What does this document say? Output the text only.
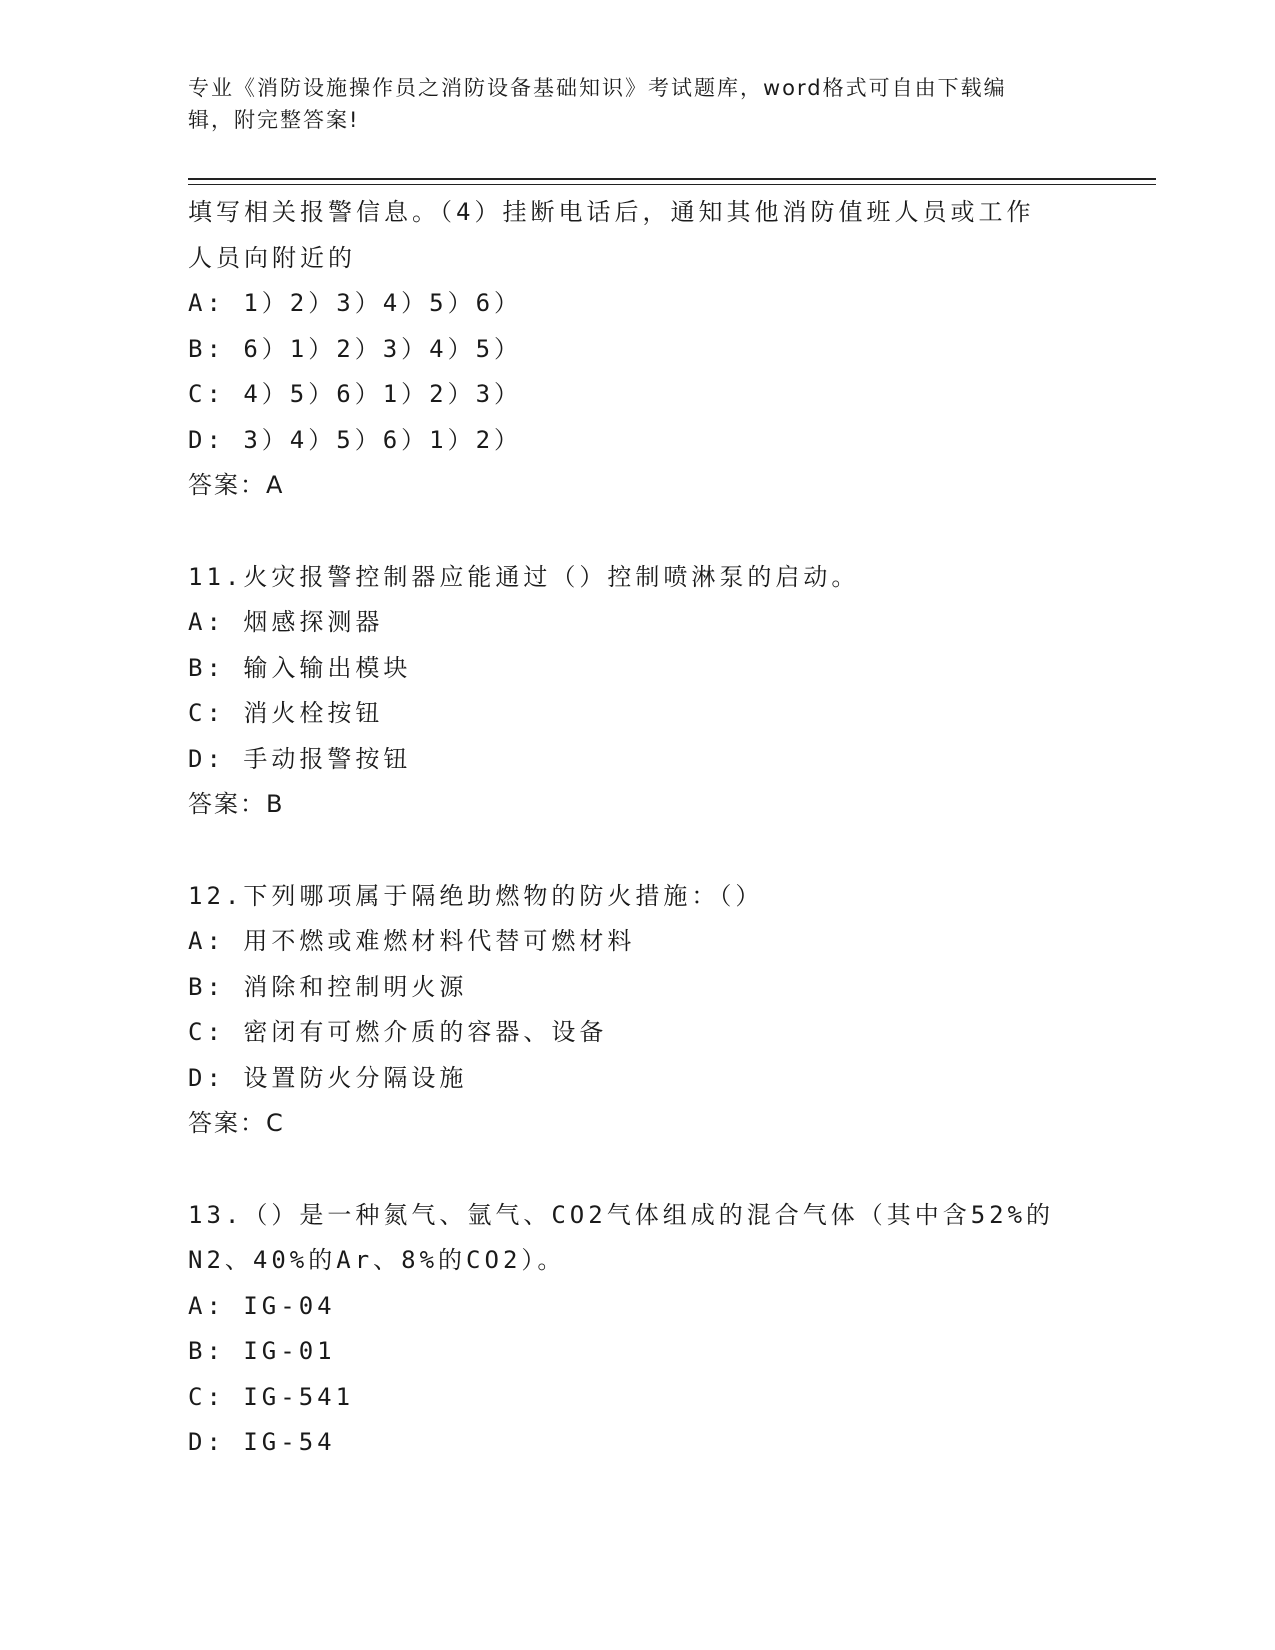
专业《消防设施操作员之消防设备基础知识》考试题库，word格式可自由下载编
辑，附完整答案!
填写相关报警信息。（4）挂断电话后，通知其他消防值班人员或工作
人员向附近的
A: 1）2）3）4）5）6）
B: 6）1）2）3）4）5）
C: 4）5）6）1）2）3）
D: 3）4）5）6）1）2）
答案：A
11.火灾报警控制器应能通过（）控制喷淋泵的启动。
A: 烟感探测器
B: 输入输出模块
C: 消火栓按钮
D: 手动报警按钮
答案：B
12.下列哪项属于隔绝助燃物的防火措施：（）
A: 用不燃或难燃材料代替可燃材料
B: 消除和控制明火源
C: 密闭有可燃介质的容器、设备
D: 设置防火分隔设施
答案：C
13.（）是一种氮气、氩气、CO2气体组成的混合气体（其中含52%的
N2、40%的Ar、8%的CO2）。
A: IG-04
B: IG-01
C: IG-541
D: IG-54
